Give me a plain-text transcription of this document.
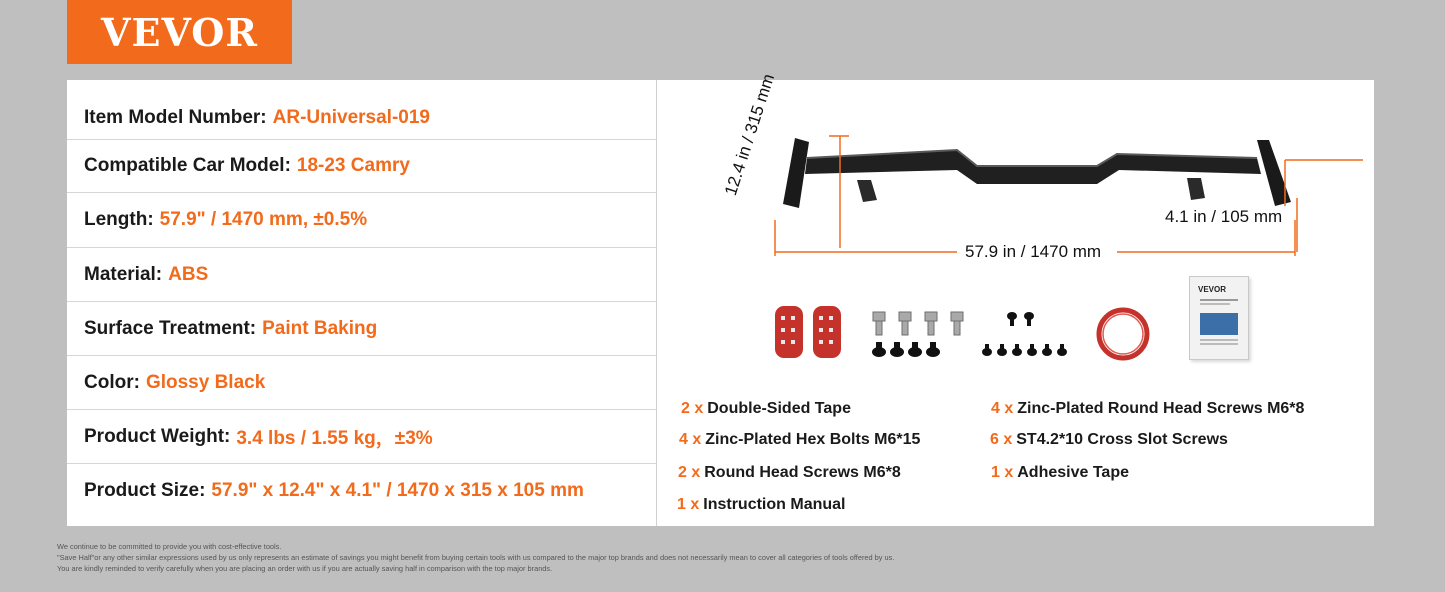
VEVOR
Item Model Number: AR-Universal-019
Compatible Car Model: 18-23 Camry
Length: 57.9" / 1470 mm, ±0.5%
Material: ABS
Surface Treatment: Paint Baking
Color: Glossy Black
Product Weight: 3.4 lbs / 1.55 kg，±3%
Product Size: 57.9" x 12.4" x 4.1" / 1470 x 315 x 105 mm
VEVOR
12.4 in / 315 mm
4.1 in / 105 mm
57.9 in / 1470 mm
2 x Double-Sided Tape	4 x Zinc-Plated Round Head Screws M6*8
4 x Zinc-Plated Hex Bolts M6*15	6 x ST4.2*10 Cross Slot Screws
2 x Round Head Screws M6*8	1 x Adhesive Tape
1 x Instruction Manual
We continue to be committed to provide you with cost-effective tools.
"Save Half"or any other similar expressions used by us only represents an estimate of savings you might benefit from buying certain tools with us compared to the major top brands and does not necessarily mean to cover all categories of tools offered by us.
You are kindly reminded to verify carefully when you are placing an order with us if you are actually saving half in comparison with the top major brands.
